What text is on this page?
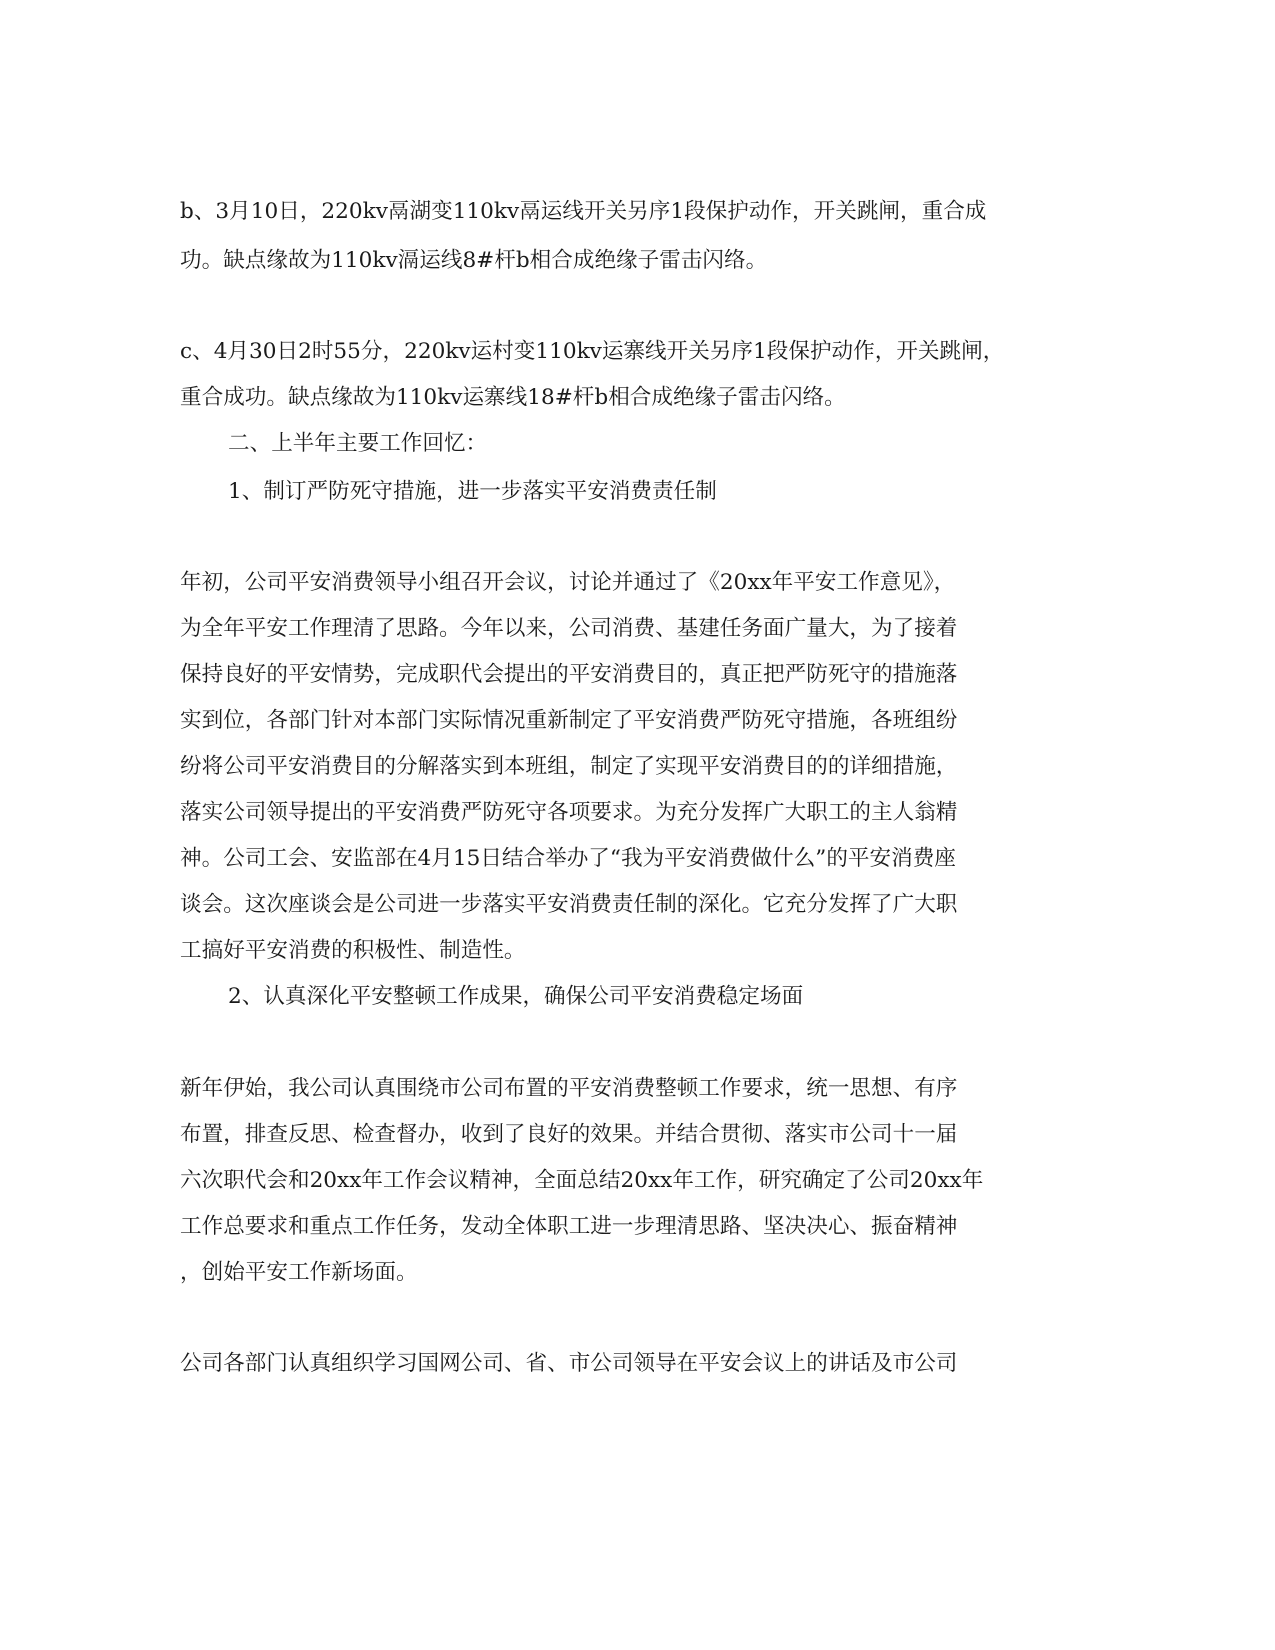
b、3月10日，220kv鬲湖变110kv鬲运线开关另序1段保护动作，开关跳闸，重合成
功。缺点缘故为110kv滆运线8#杆b相合成绝缘子雷击闪络。
c、4月30日2时55分，220kv运村变110kv运寨线开关另序1段保护动作，开关跳闸，
重合成功。缺点缘故为110kv运寨线18#杆b相合成绝缘子雷击闪络。
二、上半年主要工作回忆：
1、制订严防死守措施，进一步落实平安消费责任制
年初，公司平安消费领导小组召开会议，讨论并通过了《20xx年平安工作意见》，
为全年平安工作理清了思路。今年以来，公司消费、基建任务面广量大，为了接着
保持良好的平安情势，完成职代会提出的平安消费目的，真正把严防死守的措施落
实到位，各部门针对本部门实际情况重新制定了平安消费严防死守措施，各班组纷
纷将公司平安消费目的分解落实到本班组，制定了实现平安消费目的的详细措施，
落实公司领导提出的平安消费严防死守各项要求。为充分发挥广大职工的主人翁精
神。公司工会、安监部在4月15日结合举办了“我为平安消费做什么”的平安消费座
谈会。这次座谈会是公司进一步落实平安消费责任制的深化。它充分发挥了广大职
工搞好平安消费的积极性、制造性。
2、认真深化平安整顿工作成果，确保公司平安消费稳定场面
新年伊始，我公司认真围绕市公司布置的平安消费整顿工作要求，统一思想、有序
布置，排查反思、检查督办，收到了良好的效果。并结合贯彻、落实市公司十一届
六次职代会和20xx年工作会议精神，全面总结20xx年工作，研究确定了公司20xx年
工作总要求和重点工作任务，发动全体职工进一步理清思路、坚决决心、振奋精神
，创始平安工作新场面。
公司各部门认真组织学习国网公司、省、市公司领导在平安会议上的讲话及市公司
